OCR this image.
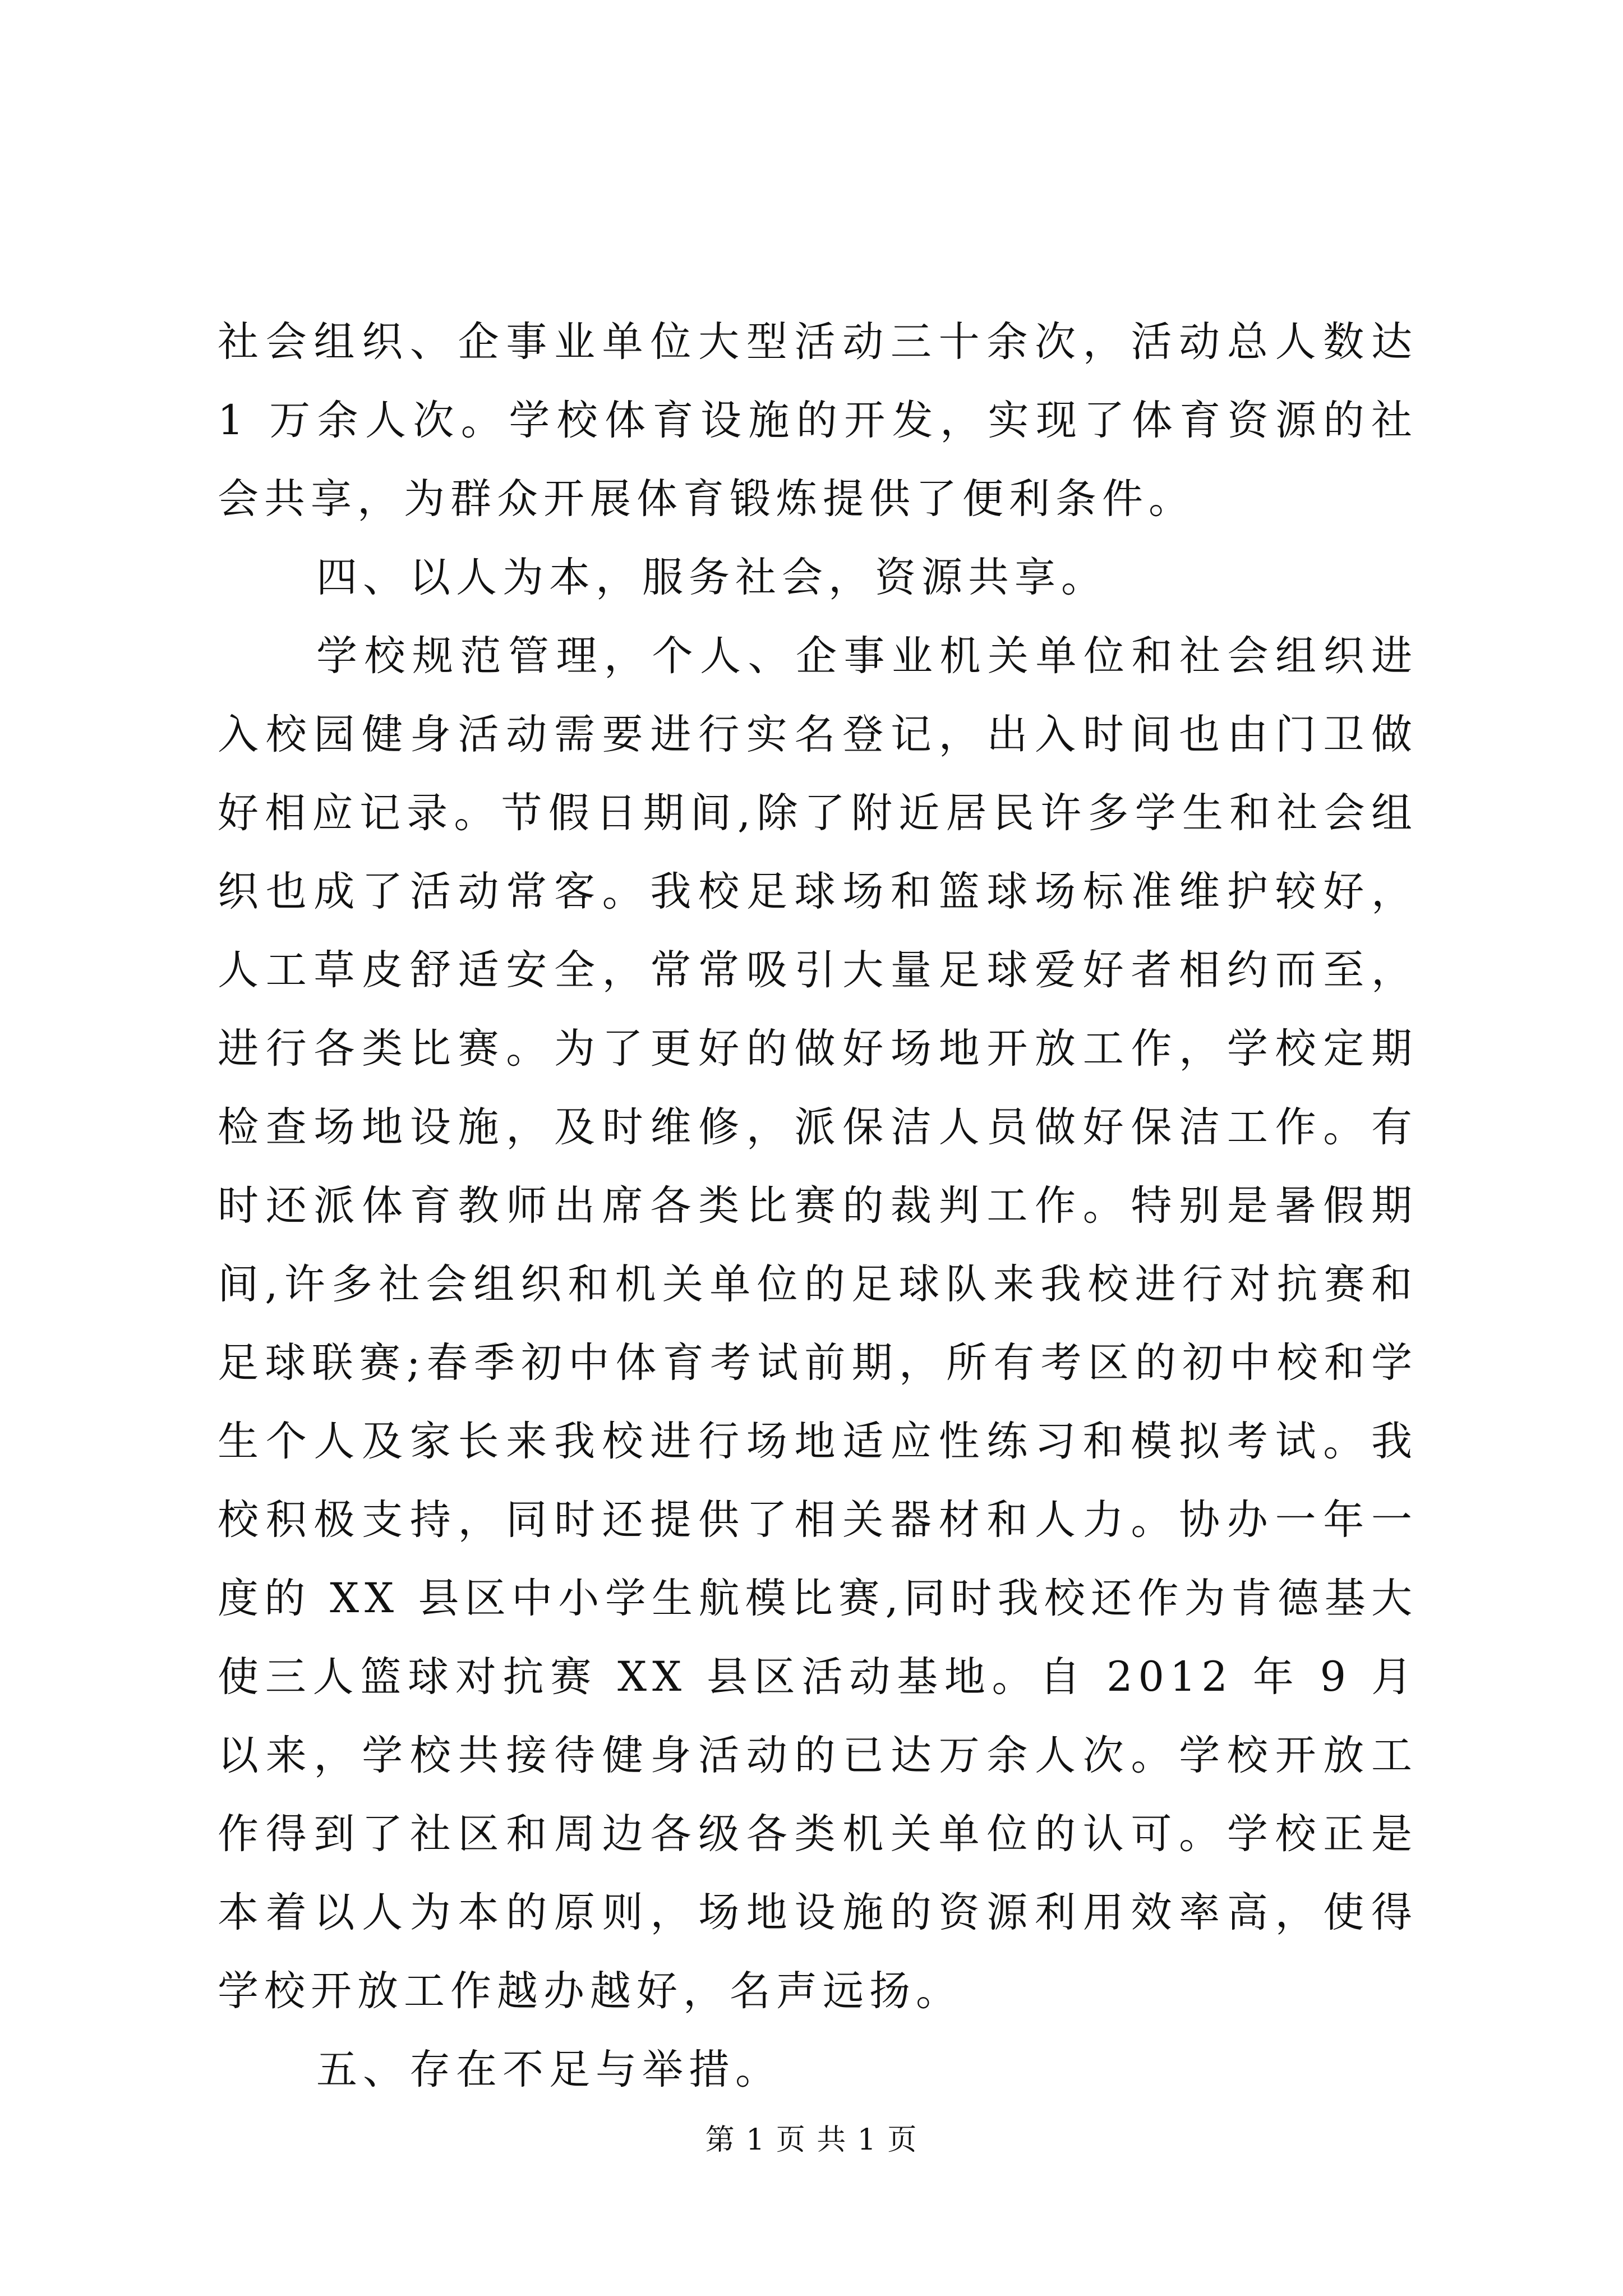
社会组织、企事业单位大型活动三十余次，活动总人数达 1 万余人次。学校体育设施的开发，实现了体育资源的社会共享，为群众开展体育锻炼提供了便利条件。

四、以人为本，服务社会，资源共享。

学校规范管理，个人、企事业机关单位和社会组织进入校园健身活动需要进行实名登记，出入时间也由门卫做好相应记录。节假日期间,除了附近居民许多学生和社会组织也成了活动常客。我校足球场和篮球场标准维护较好，人工草皮舒适安全，常常吸引大量足球爱好者相约而至，进行各类比赛。为了更好的做好场地开放工作，学校定期检查场地设施，及时维修，派保洁人员做好保洁工作。有时还派体育教师出席各类比赛的裁判工作。特别是暑假期间,许多社会组织和机关单位的足球队来我校进行对抗赛和足球联赛;春季初中体育考试前期，所有考区的初中校和学生个人及家长来我校进行场地适应性练习和模拟考试。我校积极支持，同时还提供了相关器材和人力。协办一年一度的 XX 县区中小学生航模比赛,同时我校还作为肯德基大使三人篮球对抗赛 XX 县区活动基地。自 2012 年 9 月以来，学校共接待健身活动的已达万余人次。学校开放工作得到了社区和周边各级各类机关单位的认可。学校正是本着以人为本的原则，场地设施的资源利用效率高，使得学校开放工作越办越好，名声远扬。

五、存在不足与举措。

第 1 页 共 1 页
